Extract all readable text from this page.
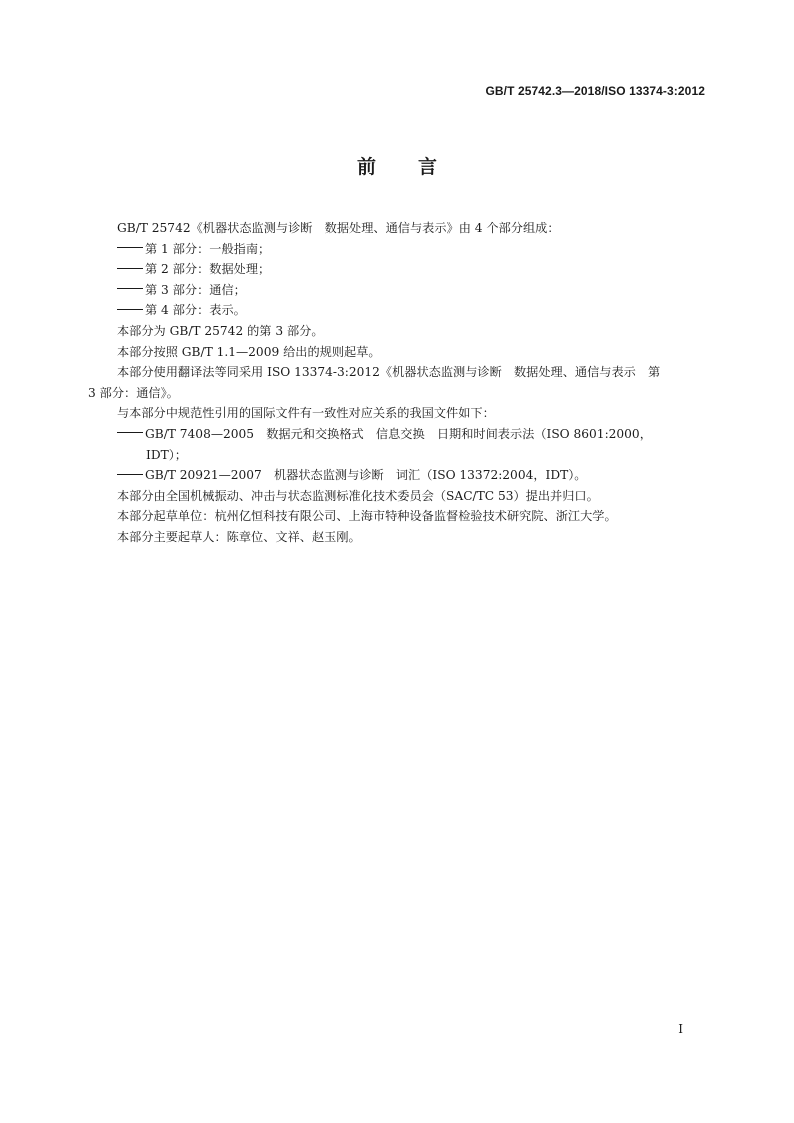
GB/T 25742.3—2018/ISO 13374-3:2012
前言

GB/T 25742《机器状态监测与诊断　数据处理、通信与表示》由 4 个部分组成：

第 1 部分：一般指南；

第 2 部分：数据处理；

第 3 部分：通信；

第 4 部分：表示。

本部分为 GB/T 25742 的第 3 部分。

本部分按照 GB/T 1.1—2009 给出的规则起草。

本部分使用翻译法等同采用 ISO 13374-3:2012《机器状态监测与诊断　数据处理、通信与表示　第

3 部分：通信》。

与本部分中规范性引用的国际文件有一致性对应关系的我国文件如下：

GB/T 7408—2005　数据元和交换格式　信息交换　日期和时间表示法（ISO 8601:2000，

IDT）；

GB/T 20921—2007　机器状态监测与诊断　词汇（ISO 13372:2004，IDT）。

本部分由全国机械振动、冲击与状态监测标准化技术委员会（SAC/TC 53）提出并归口。

本部分起草单位：杭州亿恒科技有限公司、上海市特种设备监督检验技术研究院、浙江大学。

本部分主要起草人：陈章位、文祥、赵玉刚。

I
